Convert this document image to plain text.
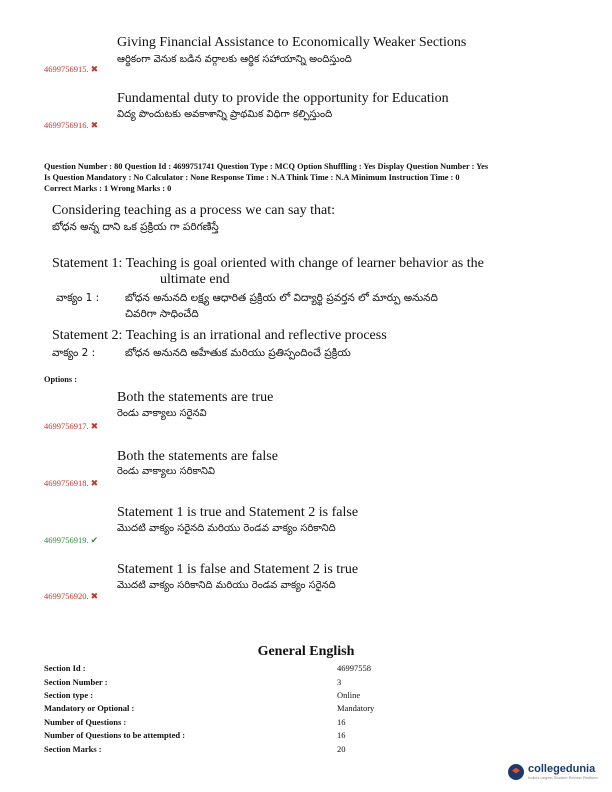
Giving Financial Assistance to Economically Weaker Sections
ఆర్థికంగా వెనుక బడిన వర్గాలకు ఆర్థిక సహాయాన్ని అందిస్తుంది
4699756915. ✖
Fundamental duty to provide the opportunity for Education
విద్య పొందుటకు అవకాశాన్ని ప్రాథమిక విధిగా కల్పిస్తుంది
4699756916. ✖
Question Number : 80 Question Id : 4699751741 Question Type : MCQ Option Shuffling : Yes Display Question Number : Yes
Is Question Mandatory : No Calculator : None Response Time : N.A Think Time : N.A Minimum Instruction Time : 0
Correct Marks : 1 Wrong Marks : 0
Considering teaching as a process we can say that:
బోధన అన్న దాని ఒక ప్రక్రియ గా పరిగణిస్తే
Statement 1: Teaching is goal oriented with change of learner behavior as the
ultimate end
వాక్యం 1 : బోధన అనునది లక్ష్య ఆధారిత ప్రక్రియ లో విద్యార్థి ప్రవర్తన లో మార్పు అనునది
చివరిగా సాధించేది
Statement 2: Teaching is an irrational and reflective process
వాక్యం 2 :	బోధన అనునది అహేతుక మరియు ప్రతిస్పందించే ప్రక్రియ
Options :
Both the statements are true
రెండు వాక్యాలు సరైనవి
4699756917. ✖
Both the statements are false
రెండు వాక్యాలు సరికానివి
4699756918. ✖
Statement 1 is true and Statement 2 is false
మొదటి వాక్యం సరైనది మరియు రెండవ వాక్యం సరికానిది
4699756919. ✔
Statement 1 is false and Statement 2 is true
మొదటి వాక్యం సరికానిది మరియు రెండవ వాక్యం సరైనది
4699756920. ✖
General English
Section Id :	46997558
Section Number :	3
Section type :	Online
Mandatory or Optional :	Mandatory
Number of Questions :	16
Number of Questions to be attempted :	16
Section Marks :	20
collegedunia
India's largest Student Review Platform
